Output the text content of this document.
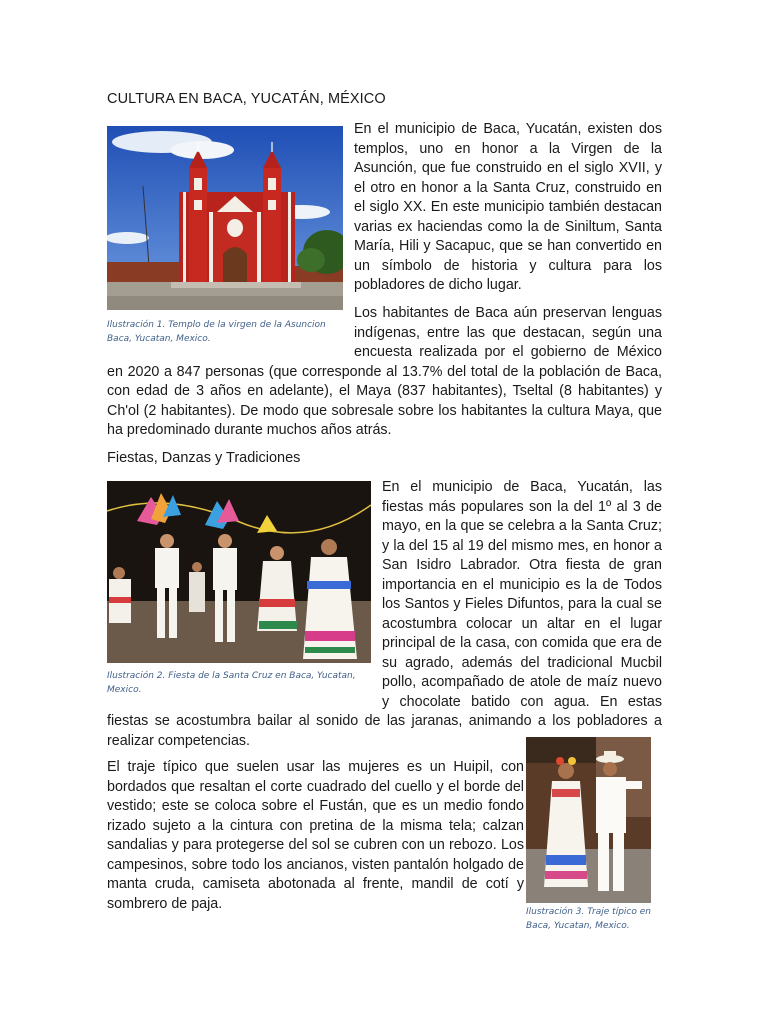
CULTURA EN BACA, YUCATÁN, MÉXICO

En el municipio de Baca, Yucatán, existen dos templos, uno en honor a la Virgen de la Asunción, que fue construido en el siglo XVII, y el otro en honor a la Santa Cruz, construido en el siglo XX. En este municipio también destacan varias ex haciendas como la de Siniltum, Santa María, Hili y Sacapuc, que se han convertido en un símbolo de historia y cultura para los pobladores de dicho lugar.

Los habitantes de Baca aún preservan lenguas indígenas, entre las que destacan, según una encuesta realizada por el gobierno de México en 2020 a 847 personas (que corresponde al 13.7% del total de la población de Baca, con edad de 3 años en adelante), el Maya (837 habitantes), Tseltal (8 habitantes) y Ch'ol (2 habitantes). De modo que sobresale sobre los habitantes la cultura Maya, que ha predominado durante muchos años atrás.

Ilustración 1. Templo de la virgen de la Asuncion Baca, Yucatan, Mexico.
Fiestas, Danzas y Tradiciones

En el municipio de Baca, Yucatán, las fiestas más populares son la del 1º al 3 de mayo, en la que se celebra a la Santa Cruz; y la del 15 al 19 del mismo mes, en honor a San Isidro Labrador. Otra fiesta de gran importancia en el municipio es la de Todos los Santos y Fieles Difuntos, para la cual se acostumbra colocar un altar en el lugar principal de la casa, con comida que era de su agrado, además del tradicional Mucbil pollo, acompañado de atole de maíz nuevo y chocolate batido con agua. En estas fiestas se acostumbra bailar al sonido de las jaranas, animando a los pobladores a realizar competencias.

Ilustración 2. Fiesta de la Santa Cruz en Baca, Yucatan, Mexico.

El traje típico que suelen usar las mujeres es un Huipil, con bordados que resaltan el corte cuadrado del cuello y el borde del vestido; este se coloca sobre el Fustán, que es un medio fondo rizado sujeto a la cintura con pretina de la misma tela; calzan sandalias y para protegerse del sol se cubren con un rebozo. Los campesinos, sobre todo los ancianos, visten pantalón holgado de manta cruda, camiseta abotonada al frente, mandil de cotí y sombrero de paja.

Ilustración 3. Traje típico en Baca, Yucatan, Mexico.
